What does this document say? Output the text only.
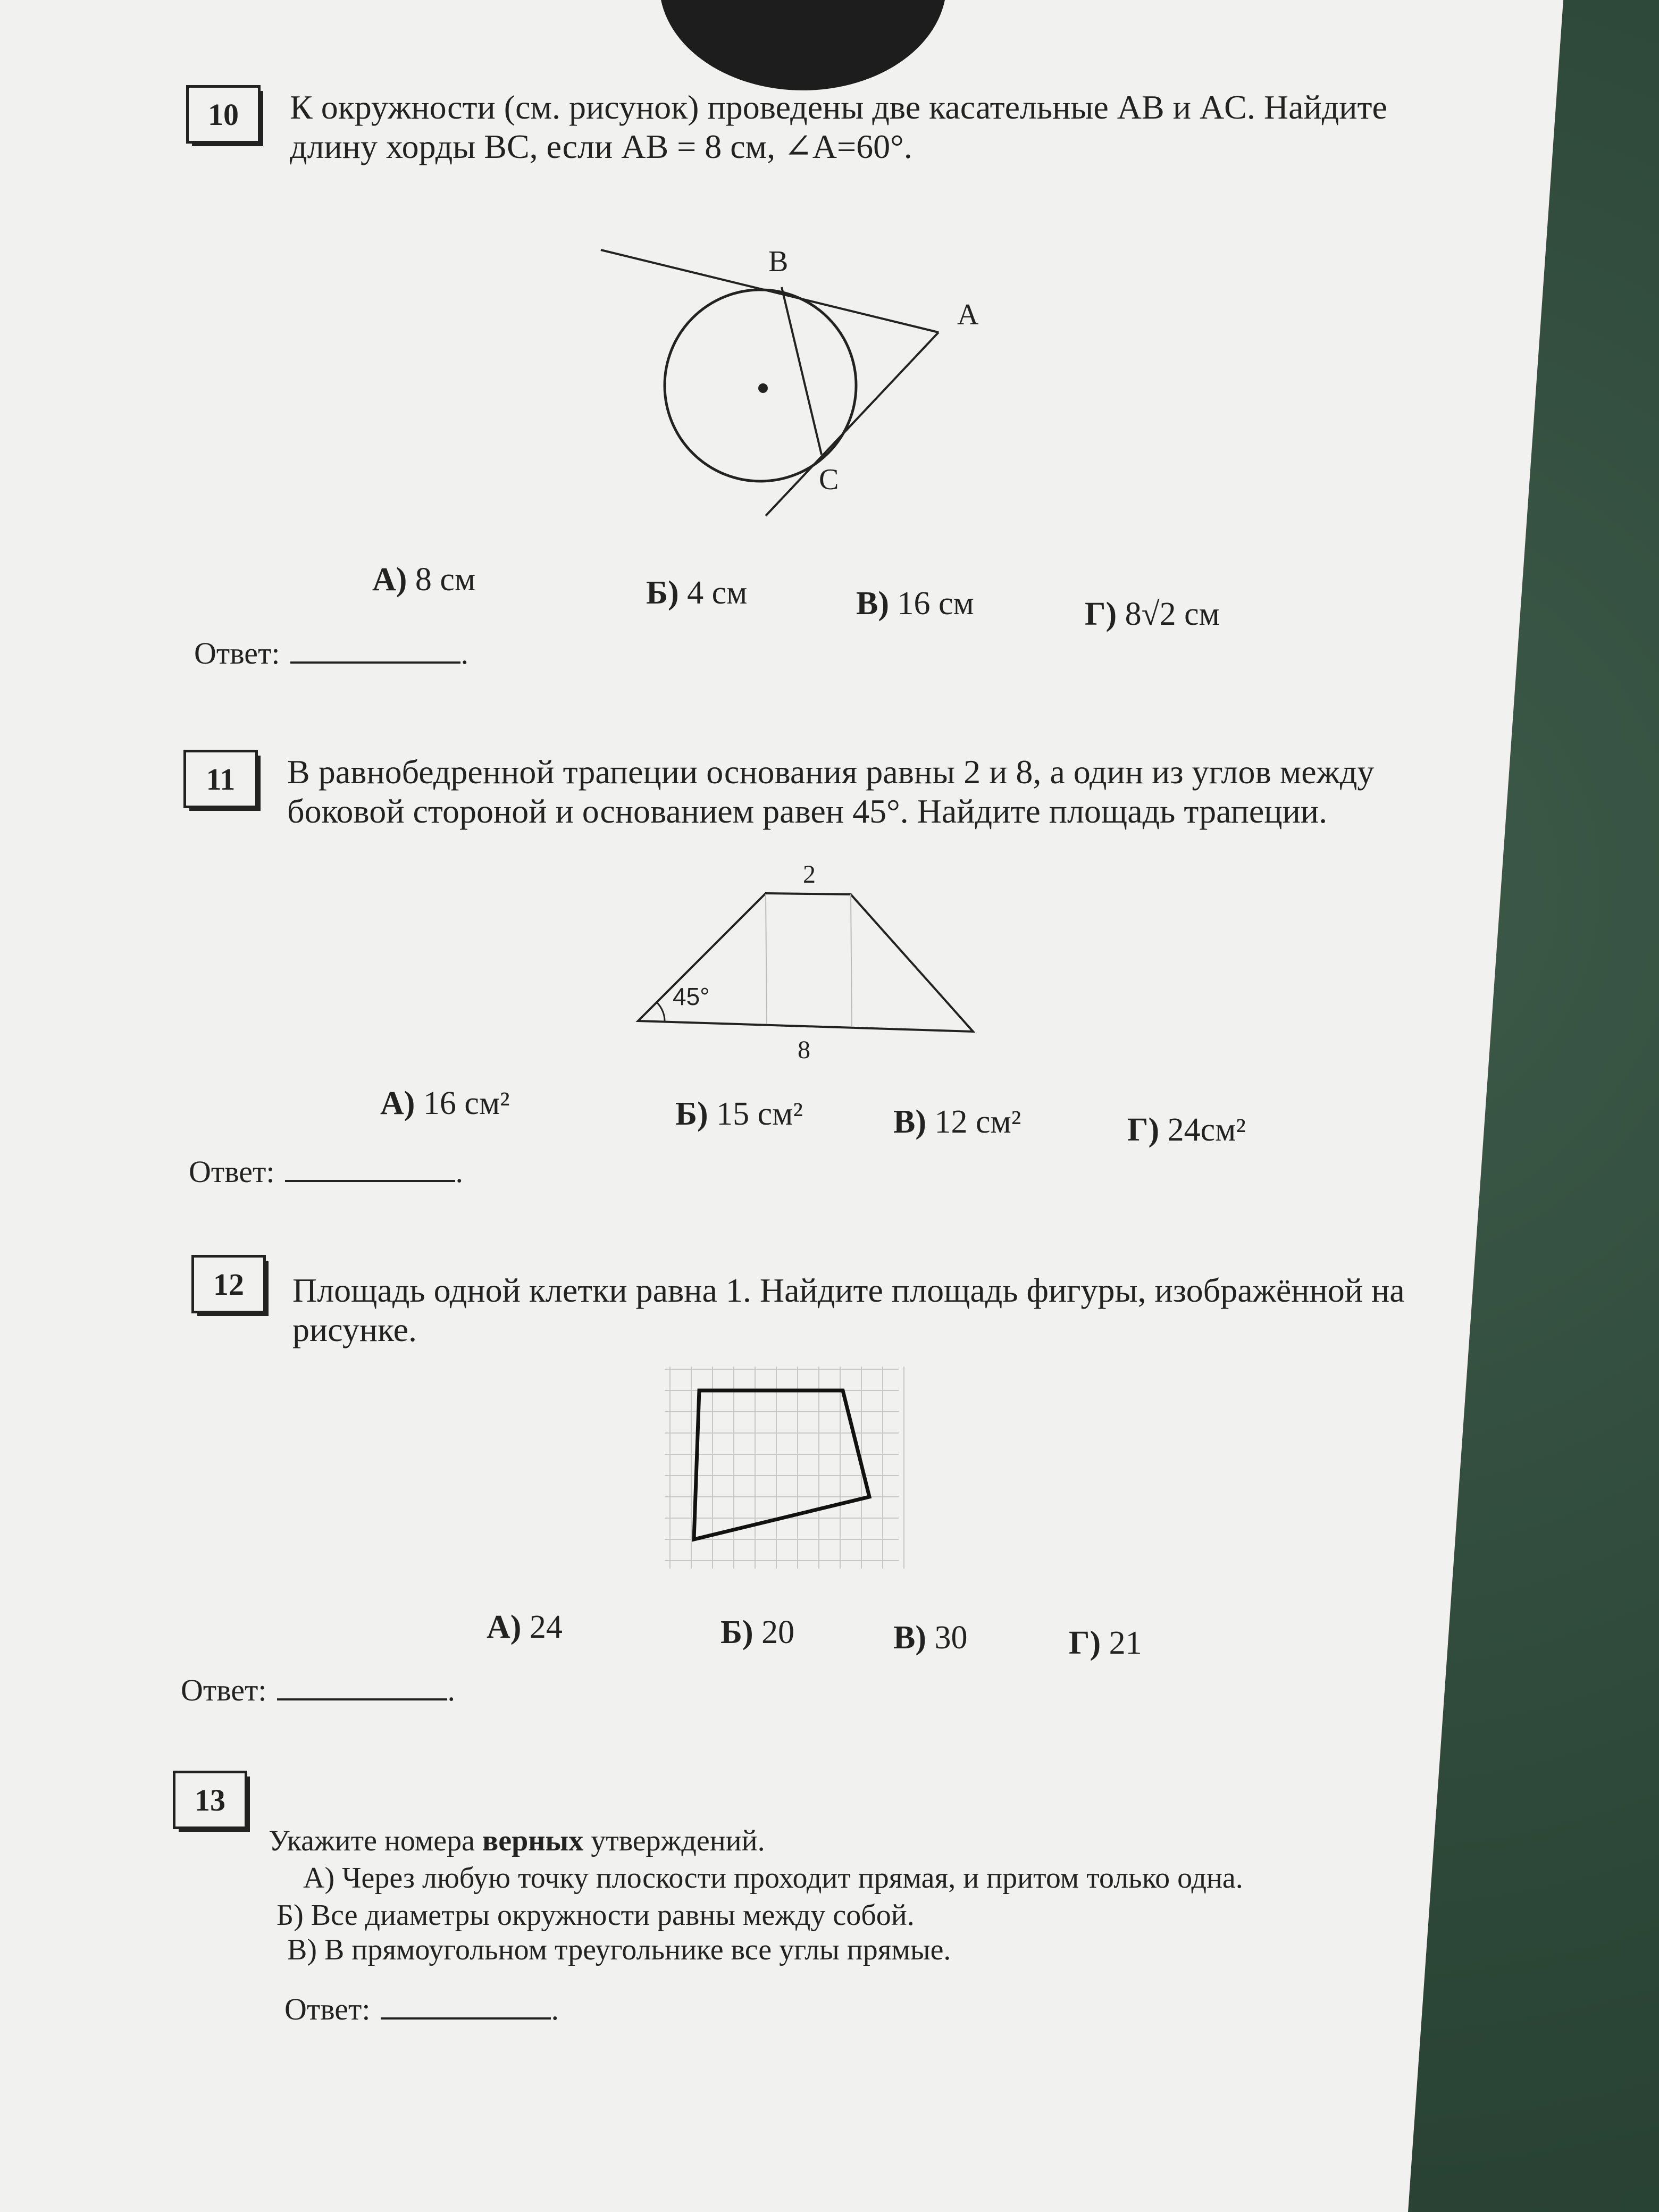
10	К окружности (см. рисунок) проведены две касательные AB и AC. Найдите длину хорды BC, если AB = 8 см, ∠A=60°.
B
A
C
А) 8 см	Б) 4 см	В) 16 см	Г) 8√2 см
Ответ:	.
11	В равнобедренной трапеции основания равны 2 и 8, а один из углов между боковой стороной и основанием равен 45°. Найдите площадь трапеции.
2
45°
8
А) 16 см²	Б) 15 см²	В) 12 см²	Г) 24см²
Ответ:	.
12	Площадь одной клетки равна 1. Найдите площадь фигуры, изображённой на рисунке.
А) 24	Б) 20	В) 30	Г) 21
Ответ:	.
13
Укажите номера верных утверждений.
А) Через любую точку плоскости проходит прямая, и притом только одна.
Б) Все диаметры окружности равны между собой.
В) В прямоугольном треугольнике все углы прямые.
Ответ:	.
